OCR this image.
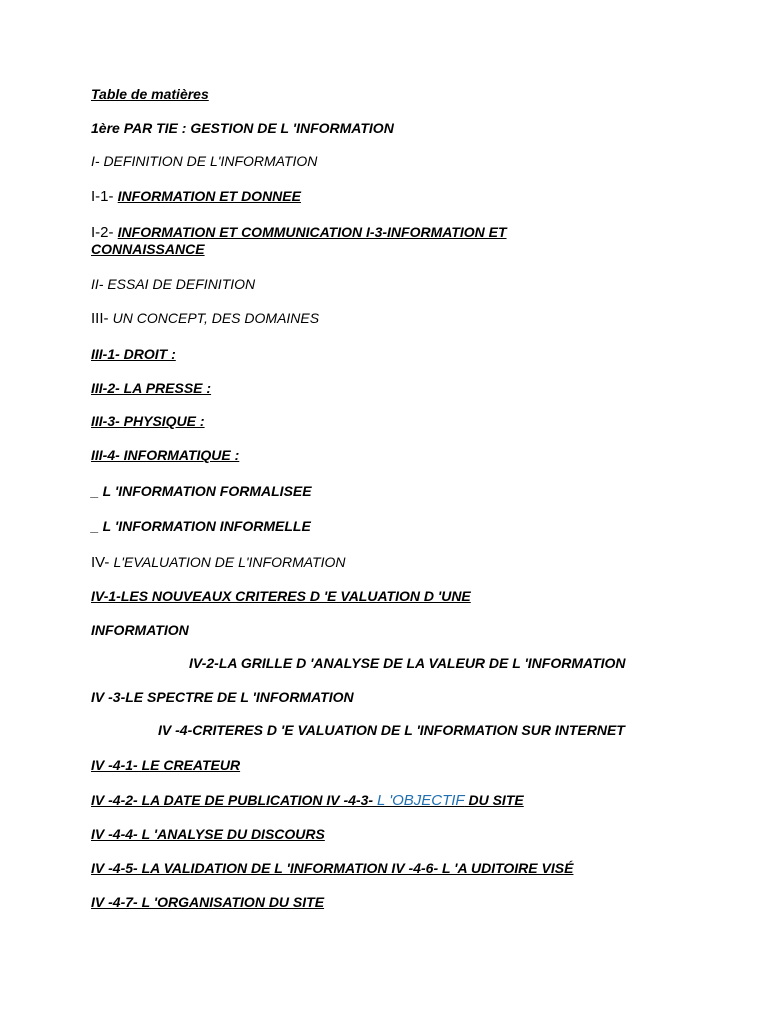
Table de matières
1ère PAR TIE : GESTION DE L 'INFORMATION
I- DEFINITION DE L'INFORMATION
I-1- INFORMATION ET DONNEE
I-2- INFORMATION ET COMMUNICATION I-3-INFORMATION ET
CONNAISSANCE
II- ESSAI DE DEFINITION
III- UN CONCEPT, DES DOMAINES
III-1- DROIT :
III-2- LA PRESSE :
III-3- PHYSIQUE :
III-4- INFORMATIQUE :
_ L 'INFORMATION FORMALISEE
_ L 'INFORMATION INFORMELLE
IV- L'EVALUATION DE L'INFORMATION
IV-1-LES NOUVEAUX CRITERES D 'E VALUATION D 'UNE
INFORMATION
IV-2-LA GRILLE D 'ANALYSE DE LA VALEUR DE L 'INFORMATION
IV -3-LE SPECTRE DE L 'INFORMATION
IV -4-CRITERES D 'E VALUATION DE L 'INFORMATION SUR INTERNET
IV -4-1- LE CREATEUR
IV -4-2- LA DATE DE PUBLICATION IV -4-3- L 'OBJECTIF DU SITE
IV -4-4- L 'ANALYSE DU DISCOURS
IV -4-5- LA VALIDATION DE L 'INFORMATION IV -4-6- L 'A UDITOIRE VISÉ
IV -4-7- L 'ORGANISATION DU SITE
